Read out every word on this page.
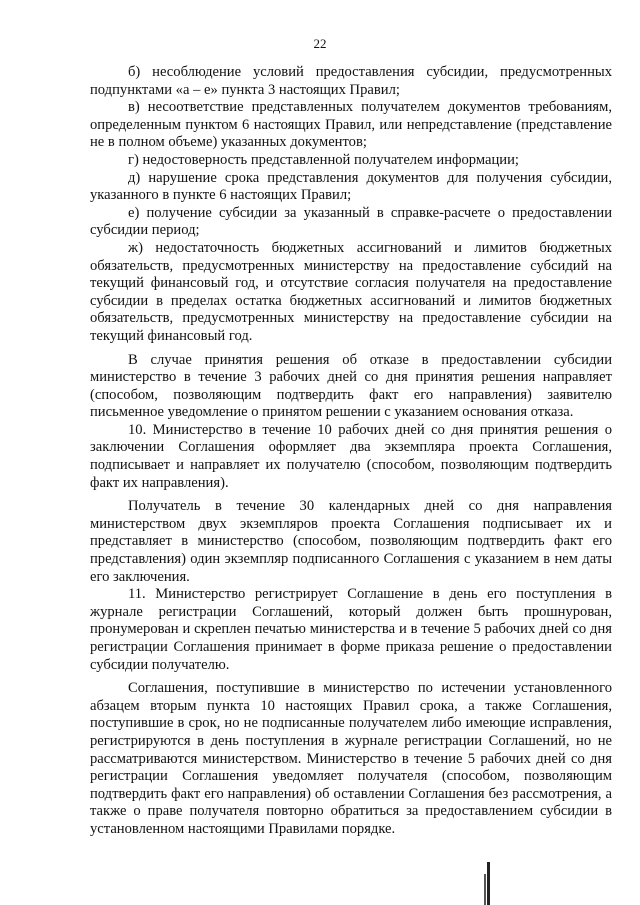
22

б) несоблюдение условий предоставления субсидии, предусмотренных подпунктами «а – е» пункта 3 настоящих Правил;

в) несоответствие представленных получателем документов требованиям, определенным пунктом 6 настоящих Правил, или непредставление (представление не в полном объеме) указанных документов;

г) недостоверность представленной получателем информации;

д) нарушение срока представления документов для получения субсидии, указанного в пункте 6 настоящих Правил;

е) получение субсидии за указанный в справке-расчете о предоставлении субсидии период;

ж) недостаточность бюджетных ассигнований и лимитов бюджетных обязательств, предусмотренных министерству на предоставление субсидий на текущий финансовый год, и отсутствие согласия получателя на предоставление субсидии в пределах остатка бюджетных ассигнований и лимитов бюджетных обязательств, предусмотренных министерству на предоставление субсидии на текущий финансовый год.

В случае принятия решения об отказе в предоставлении субсидии министерство в течение 3 рабочих дней со дня принятия решения направляет (способом, позволяющим подтвердить факт его направления) заявителю письменное уведомление о принятом решении с указанием основания отказа.

10. Министерство в течение 10 рабочих дней со дня принятия решения о заключении Соглашения оформляет два экземпляра проекта Соглашения, подписывает и направляет их получателю (способом, позволяющим подтвердить факт их направления).

Получатель в течение 30 календарных дней со дня направления министерством двух экземпляров проекта Соглашения подписывает их и представляет в министерство (способом, позволяющим подтвердить факт его представления) один экземпляр подписанного Соглашения с указанием в нем даты его заключения.

11. Министерство регистрирует Соглашение в день его поступления в журнале регистрации Соглашений, который должен быть прошнурован, пронумерован и скреплен печатью министерства и в течение 5 рабочих дней со дня регистрации Соглашения принимает в форме приказа решение о предоставлении субсидии получателю.

Соглашения, поступившие в министерство по истечении установленного абзацем вторым пункта 10 настоящих Правил срока, а также Соглашения, поступившие в срок, но не подписанные получателем либо имеющие исправления, регистрируются в день поступления в журнале регистрации Соглашений, но не рассматриваются министерством. Министерство в течение 5 рабочих дней со дня регистрации Соглашения уведомляет получателя (способом, позволяющим подтвердить факт его направления) об оставлении Соглашения без рассмотрения, а также о праве получателя повторно обратиться за предоставлением субсидии в установленном настоящими Правилами порядке.
